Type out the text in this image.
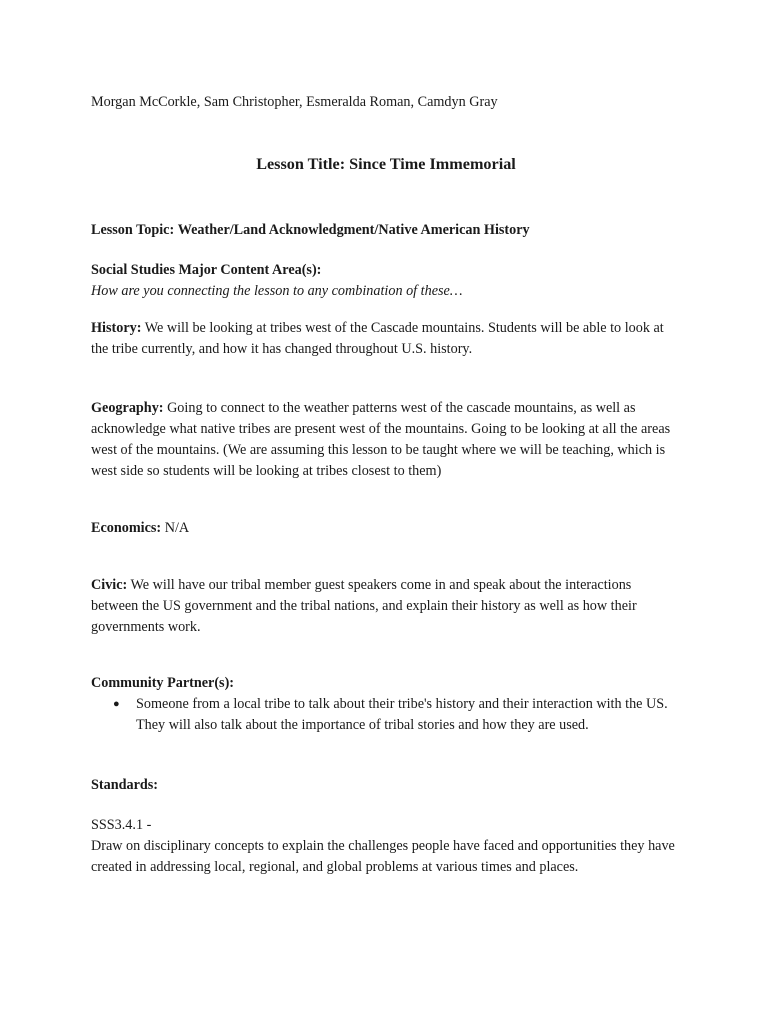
Morgan McCorkle, Sam Christopher, Esmeralda Roman, Camdyn Gray
Lesson Title: Since Time Immemorial
Lesson Topic: Weather/Land Acknowledgment/Native American History
Social Studies Major Content Area(s):
How are you connecting the lesson to any combination of these…
History: We will be looking at tribes west of the Cascade mountains. Students will be able to look at the tribe currently, and how it has changed throughout U.S. history.
Geography: Going to connect to the weather patterns west of the cascade mountains, as well as acknowledge what native tribes are present west of the mountains. Going to be looking at all the areas west of the mountains. (We are assuming this lesson to be taught where we will be teaching, which is west side so students will be looking at tribes closest to them)
Economics: N/A
Civic: We will have our tribal member guest speakers come in and speak about the interactions between the US government and the tribal nations, and explain their history as well as how their governments work.
Community Partner(s):
● Someone from a local tribe to talk about their tribe's history and their interaction with the US. They will also talk about the importance of tribal stories and how they are used.
Standards:
SSS3.4.1 -
Draw on disciplinary concepts to explain the challenges people have faced and opportunities they have created in addressing local, regional, and global problems at various times and places.
